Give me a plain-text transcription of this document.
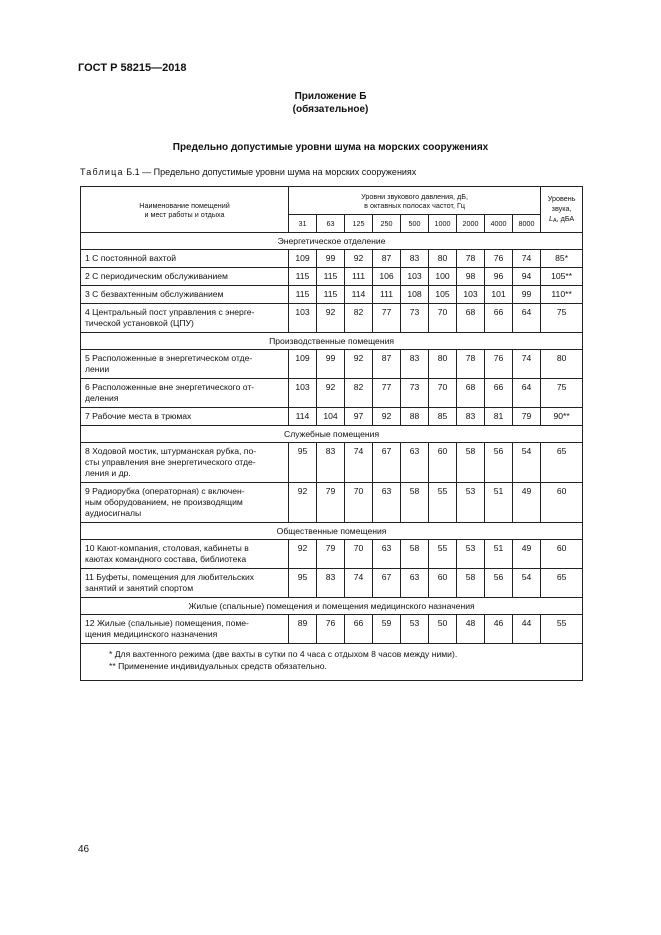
ГОСТ Р 58215—2018
Приложение Б
(обязательное)
Предельно допустимые уровни шума на морских сооружениях
Таблица Б.1 — Предельно допустимые уровни шума на морских сооружениях
Наименование помещений
и мест работы и отдыха	Уровни звукового давления, дБ,
в октавных полосах частот, Гц									Уровень звука,
LA, дБА

	31	63	125	250	500	1000	2000	4000	8000	
Энергетическое отделение										

1 С постоянной вахтой	109	99	92	87	83	80	78	76	74	85*

2 С периодическим обслуживанием	115	115	111	106	103	100	98	96	94	105**

3 С безвахтенным обслуживанием	115	115	114	111	108	105	103	101	99	110**

4 Центральный пост управления с энерге-
тической установкой (ЦПУ)	103	92	82	77	73	70	68	66	64	75
Производственные помещения										

5 Расположенные в энергетическом отде-
лении	109	99	92	87	83	80	78	76	74	80

6 Расположенные вне энергетического от-
деления	103	92	82	77	73	70	68	66	64	75

7 Рабочие места в трюмах	114	104	97	92	88	85	83	81	79	90**
Служебные помещения										

8 Ходовой мостик, штурманская рубка, по-
сты управления вне энергетического отде-
ления и др.	95	83	74	67	63	60	58	56	54	65

9 Радиорубка (операторная) с включен-
ным оборудованием, не производящим
аудиосигналы	92	79	70	63	58	55	53	51	49	60
Общественные помещения										

10 Кают-компания, столовая, кабинеты в
каютах командного состава, библиотека	92	79	70	63	58	55	53	51	49	60

11 Буфеты, помещения для любительских
занятий и занятий спортом	95	83	74	67	63	60	58	56	54	65
Жилые (спальные) помещения и помещения медицинского назначения										

12 Жилые (спальные) помещения, поме-
щения медицинского назначения	89	76	66	59	53	50	48	46	44	55

* Для вахтенного режима (две вахты в сутки по 4 часа с отдыхом 8 часов между ними).
** Применение индивидуальных средств обязательно.										
46
